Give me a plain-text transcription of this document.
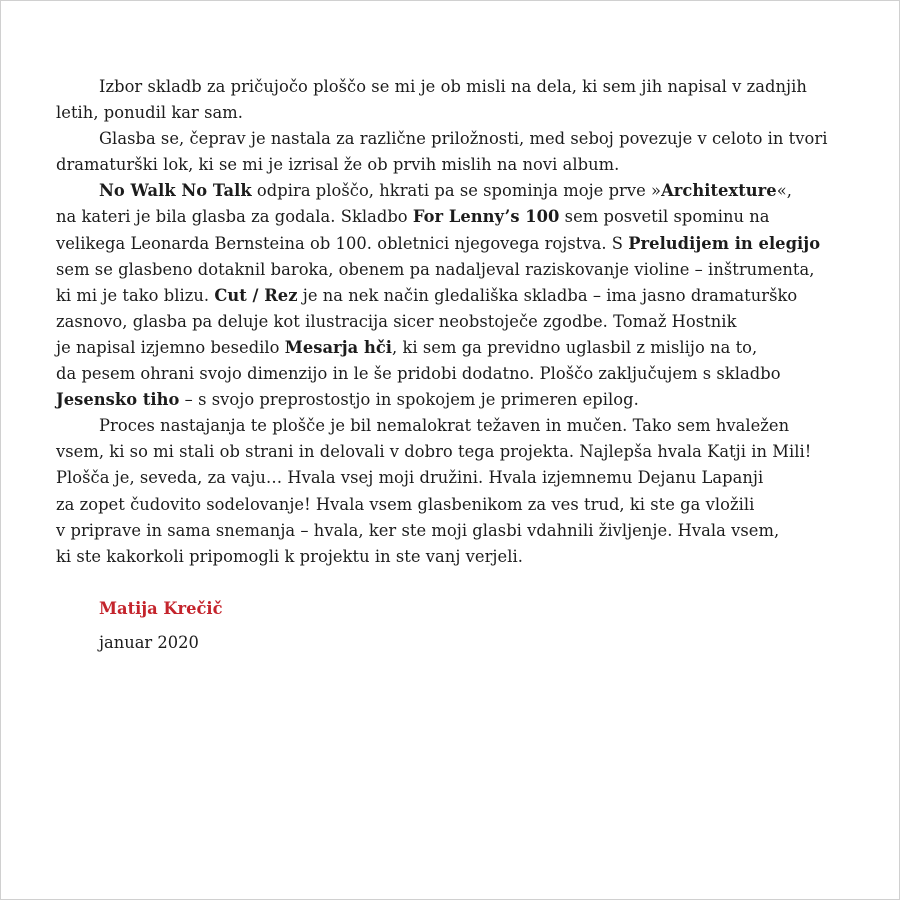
Izbor skladb za pričujočo ploščo se mi je ob misli na dela, ki sem jih napisal v zadnjih
letih, ponudil kar sam.
Glasba se, čeprav je nastala za različne priložnosti, med seboj povezuje v celoto in tvori
dramaturški lok, ki se mi je izrisal že ob prvih mislih na novi album.
No Walk No Talk odpira ploščo, hkrati pa se spominja moje prve »Architexture«,
na kateri je bila glasba za godala. Skladbo For Lenny’s 100 sem posvetil spominu na
velikega Leonarda Bernsteina ob 100. obletnici njegovega rojstva. S Preludijem in elegijo
sem se glasbeno dotaknil baroka, obenem pa nadaljeval raziskovanje violine – inštrumenta,
ki mi je tako blizu. Cut / Rez je na nek način gledališka skladba – ima jasno dramaturško
zasnovo, glasba pa deluje kot ilustracija sicer neobstoječe zgodbe. Tomaž Hostnik
je napisal izjemno besedilo Mesarja hči, ki sem ga previdno uglasbil z mislijo na to,
da pesem ohrani svojo dimenzijo in le še pridobi dodatno. Ploščo zaključujem s skladbo
Jesensko tiho – s svojo preprostostjo in spokojem je primeren epilog.
Proces nastajanja te plošče je bil nemalokrat težaven in mučen. Tako sem hvaležen
vsem, ki so mi stali ob strani in delovali v dobro tega projekta. Najlepša hvala Katji in Mili!
Plošča je, seveda, za vaju… Hvala vsej moji družini. Hvala izjemnemu Dejanu Lapanji
za zopet čudovito sodelovanje! Hvala vsem glasbenikom za ves trud, ki ste ga vložili
v priprave in sama snemanja – hvala, ker ste moji glasbi vdahnili življenje. Hvala vsem,
ki ste kakorkoli pripomogli k projektu in ste vanj verjeli.
Matija Krečič
januar 2020
